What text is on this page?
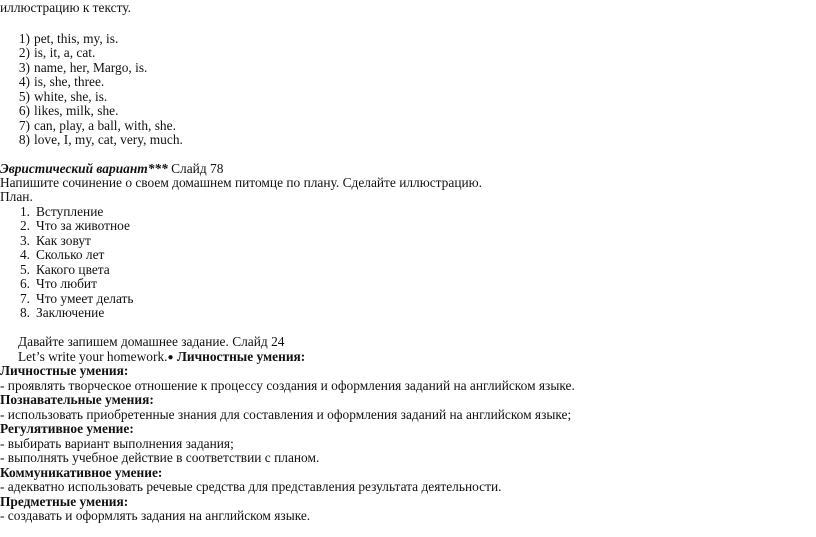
иллюстрацию к тексту.
1) pet, this, my, is.
2) is, it, a, cat.
3) name, her, Margo, is.
4) is, she, three.
5) white, she, is.
6) likes, milk, she.
7) can, play, a ball, with, she.
8) love, I, my, cat, very, much.
Эвристический вариант*** Слайд 78
Напишите сочинение о своем домашнем питомце по плану. Сделайте иллюстрацию.
План.
1. Вступление
2. Что за животное
3. Как зовут
4. Сколько лет
5. Какого цвета
6. Что любит
7. Что умеет делать
8. Заключение
Давайте запишем домашнее задание. Слайд 24
Let’s write your homework.● Личностные умения:
Личностные умения:
- проявлять творческое отношение к процессу создания и оформления заданий на английском языке.
Познавательные умения:
- использовать приобретенные знания для составления и оформления заданий на английском языке;
Регулятивное умение:
- выбирать вариант выполнения задания;
- выполнять учебное действие в соответствии с планом.
Коммуникативное умение:
- адекватно использовать речевые средства для представления результата деятельности.
Предметные умения:
- создавать и оформлять задания на английском языке.
